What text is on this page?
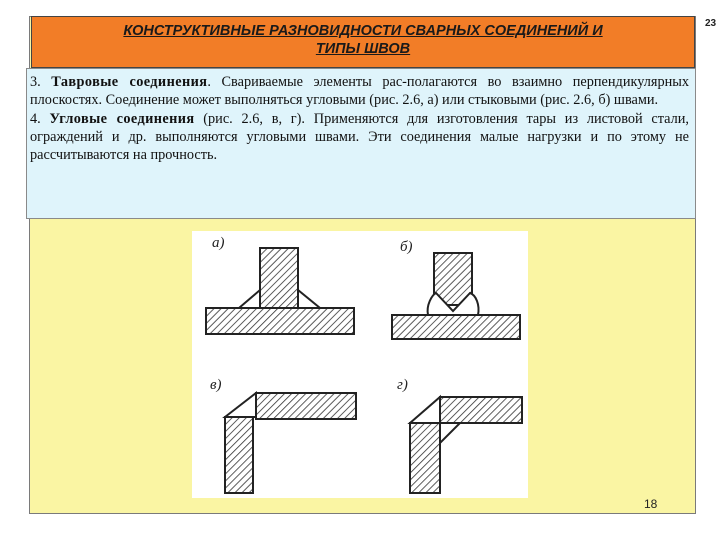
23
КОНСТРУКТИВНЫЕ РАЗНОВИДНОСТИ СВАРНЫХ СОЕДИНЕНИЙ И
ТИПЫ ШВОВ

3. Тавровые соединения. Свариваемые элементы рас-полагаются во взаимно перпендикулярных плоскостях. Соединение может выполняться угловыми (рис. 2.6, а) или стыковыми (рис. 2.6, б) швами.

4. Угловые соединения (рис. 2.6, в, г). Применяются для изготовления тары из листовой стали, ограждений и др. выполняются угловыми швами. Эти соединения малые нагрузки и по этому не рассчитываются на прочность.

а)	б)
в)	г)
18
